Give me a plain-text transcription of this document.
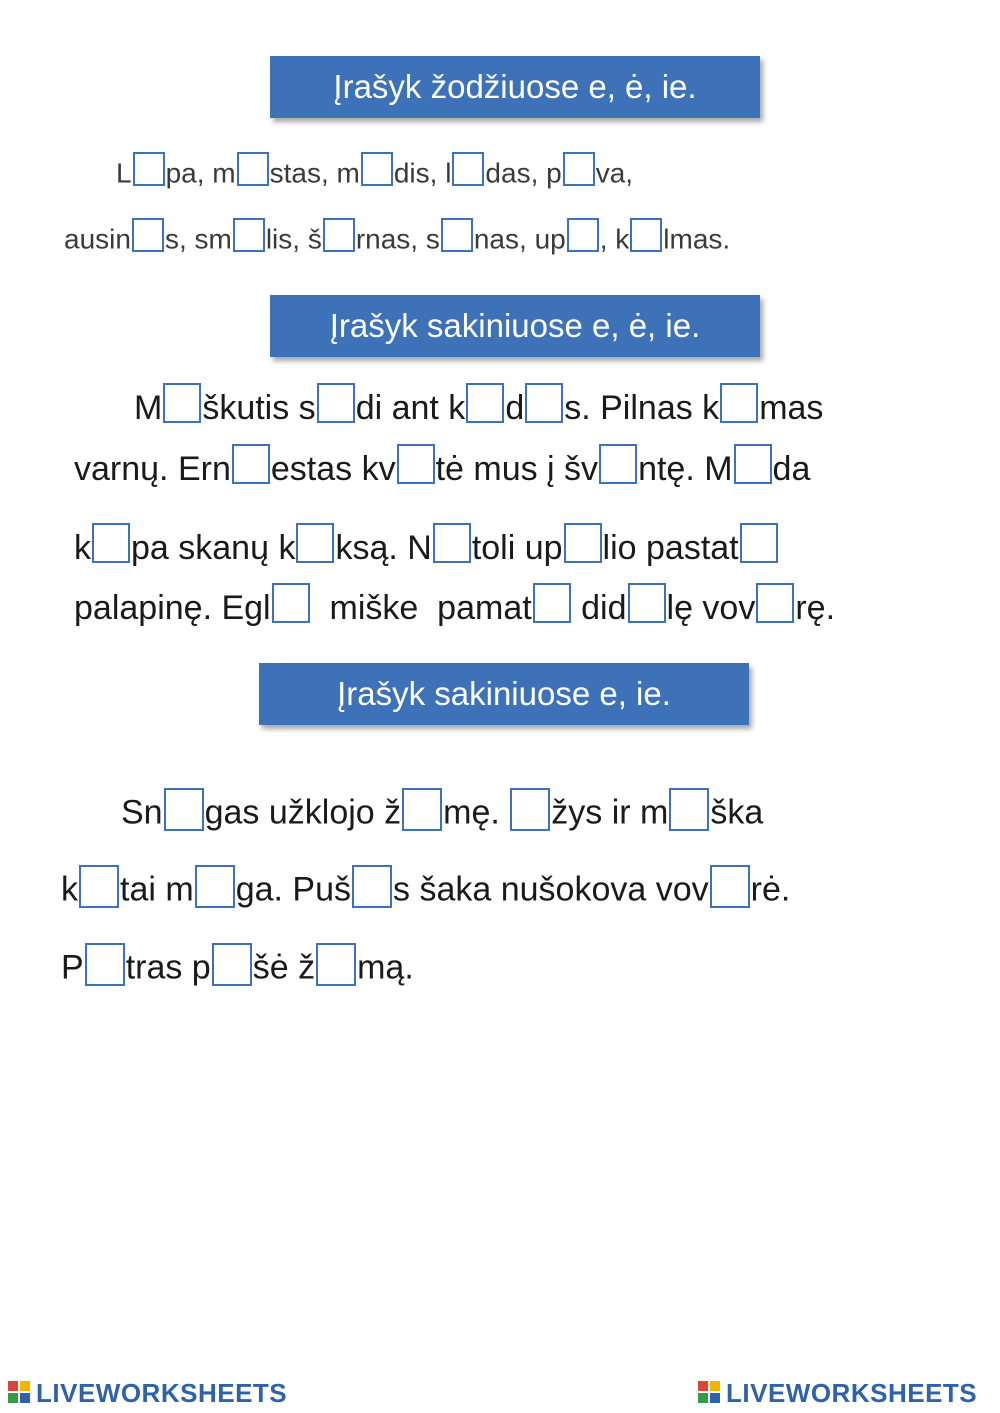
Įrašyk žodžiuose e, ė, ie.
L pa, m stas, m dis, l das, p va,
ausin s, sm lis, š rnas, s nas, up , k lmas.
Įrašyk sakiniuose e, ė, ie.
M škutis s di ant k d s. Pilnas k mas
varnų. Ern estas kv tė mus į šv ntę. M da
k pa skanų k ksą. N toli up lio pastat
palapinę. Egl  miške  pamat did lę vov rę.
Įrašyk sakiniuose e, ie.
Sn gas užklojo ž mę. žys ir m ška
k tai m ga. Puš s šaka nušokova vov rė.
P tras p šė ž mą.
LIVEWORKSHEETS	LIVEWORKSHEETS
